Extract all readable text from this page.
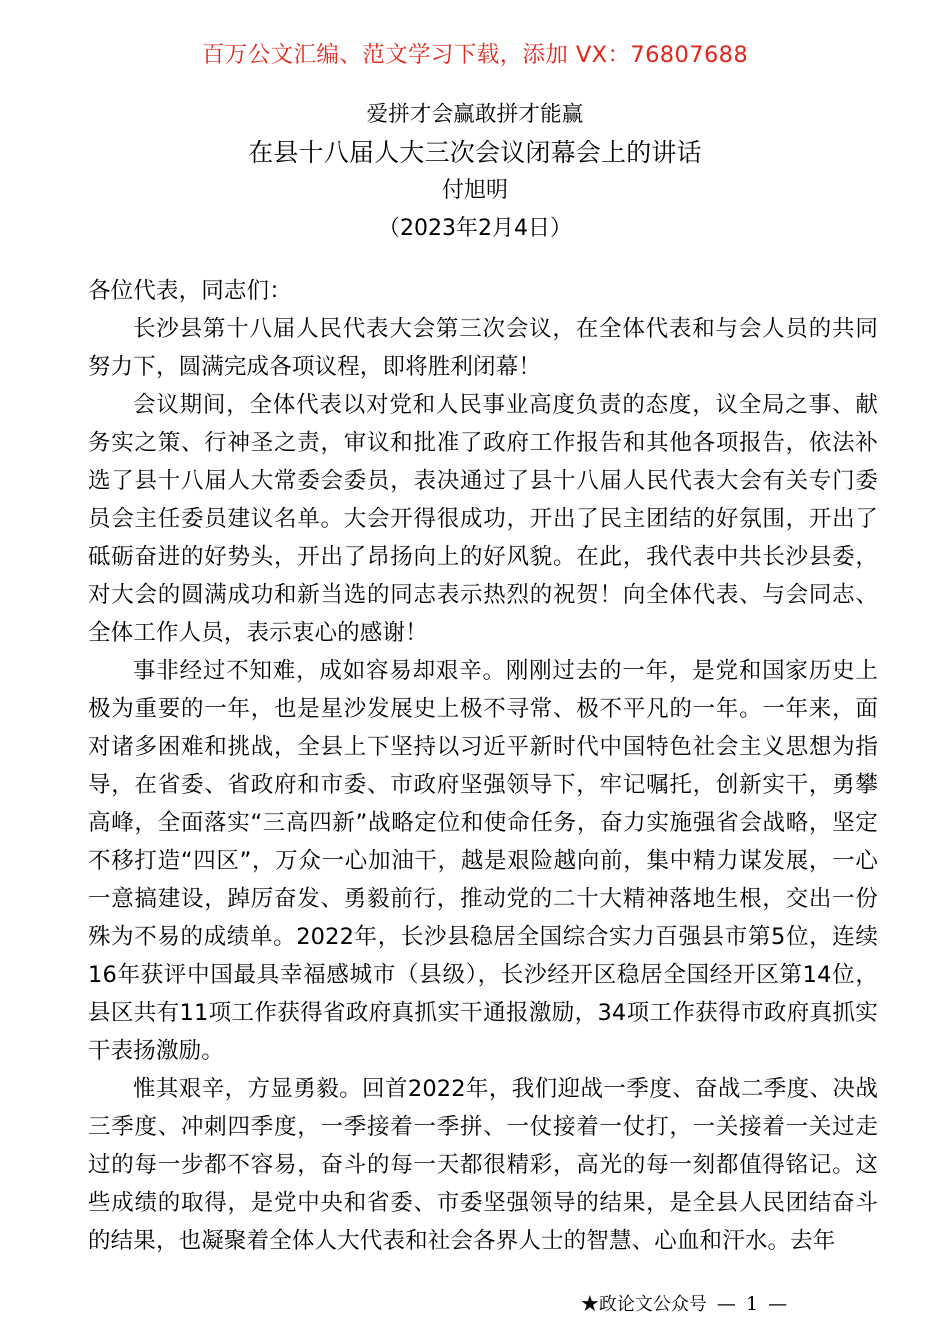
百万公文汇编、范文学习下载，添加 VX：76807688
爱拼才会赢敢拼才能赢
在县十八届人大三次会议闭幕会上的讲话
付旭明
（2023年2月4日）

各位代表，同志们：

长沙县第十八届人民代表大会第三次会议，在全体代表和与会人员的共同努力下，圆满完成各项议程，即将胜利闭幕！

会议期间，全体代表以对党和人民事业高度负责的态度，议全局之事、献务实之策、行神圣之责，审议和批准了政府工作报告和其他各项报告，依法补选了县十八届人大常委会委员，表决通过了县十八届人民代表大会有关专门委员会主任委员建议名单。大会开得很成功，开出了民主团结的好氛围，开出了砥砺奋进的好势头，开出了昂扬向上的好风貌。在此，我代表中共长沙县委，对大会的圆满成功和新当选的同志表示热烈的祝贺！向全体代表、与会同志、全体工作人员，表示衷心的感谢！

事非经过不知难，成如容易却艰辛。刚刚过去的一年，是党和国家历史上极为重要的一年，也是星沙发展史上极不寻常、极不平凡的一年。一年来，面对诸多困难和挑战，全县上下坚持以习近平新时代中国特色社会主义思想为指导，在省委、省政府和市委、市政府坚强领导下，牢记嘱托，创新实干，勇攀高峰，全面落实“三高四新”战略定位和使命任务，奋力实施强省会战略，坚定不移打造“四区”，万众一心加油干，越是艰险越向前，集中精力谋发展，一心一意搞建设，踔厉奋发、勇毅前行，推动党的二十大精神落地生根，交出一份殊为不易的成绩单。2022年，长沙县稳居全国综合实力百强县市第5位，连续16年获评中国最具幸福感城市（县级），长沙经开区稳居全国经开区第14位，县区共有11项工作获得省政府真抓实干通报激励，34项工作获得市政府真抓实干表扬激励。

惟其艰辛，方显勇毅。回首2022年，我们迎战一季度、奋战二季度、决战三季度、冲刺四季度，一季接着一季拼、一仗接着一仗打，一关接着一关过走过的每一步都不容易，奋斗的每一天都很精彩，高光的每一刻都值得铭记。这些成绩的取得，是党中央和省委、市委坚强领导的结果，是全县人民团结奋斗的结果，也凝聚着全体人大代表和社会各界人士的智慧、心血和汗水。去年

★政论文公众号 — 1 —
